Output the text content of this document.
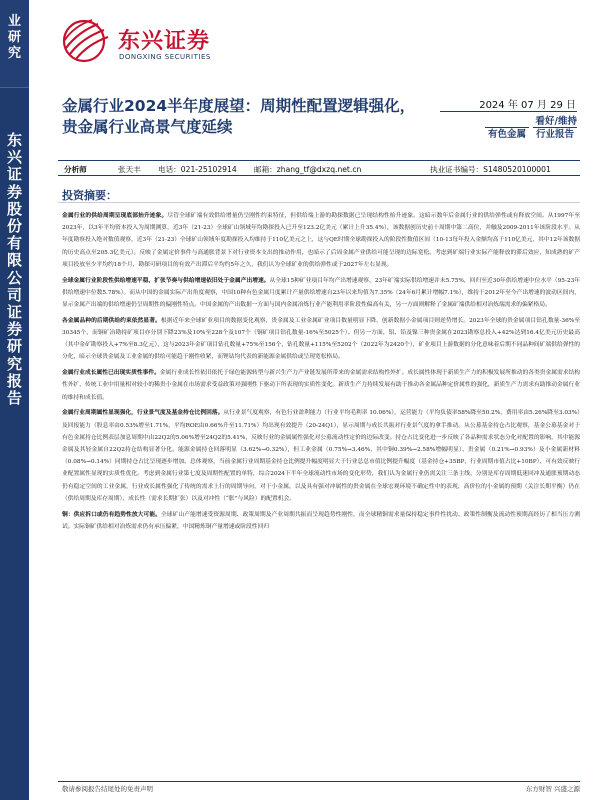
业
研
究
东
兴
证
券
股
份
有
限
公
司
证
券
研
究
报
告
东兴证券
DONGXING SECURITIES
金属行业2024半年度展望：周期性配置逻辑强化，贵金属行业高景气度延续
2024 年 07 月 29 日
看好/维持
有色金属	行业报告
分析师	张天丰 电话：021-25102914 邮箱：zhang_tf@dxzq.net.cn	执业证书编号：S1480520100001
投资摘要：
金属行业的供给周期呈现底部抬升迹象。尽管全球矿端有效供给增量仍呈刚性约束特征，但供给端上游的勘探数据已呈现结构性抬升迹象。这暗示数年后金属行业的供给弹性或有释放空间。从1997年至2023年，以3年平均资本投入为周期测算，近3年（21-23）全球矿山领域年均勘探投入已升至123.2亿美元（累计上升35.4%），该数据创历史前十周期中第二高位，并触及2009-2011年该阶段水平。从年度勘察投入绝对数值观察，近3年（21-23）全球矿山领域年度勘探投入均维持于110亿美元之上，这与QE时期全球勘探投入的阶段性数值区间（10-13每年投入金额均高于110亿美元，其中12年该数据的历史高点至205.3亿美元）。反映了金属定价事件与高通胀背景下对行业资本支出的推动作用，也暗示了后周金属产业供给可能呈现的边际宽松。考虑到矿端行业实际产能释放的滞后效应，知成熟的矿产项目投放至少平均约18个月，勘探可研项目的有效产出滞后平均约5年之久，我们认为全球矿业的供给弹性或于2027年左右显现。
全球金属行业阶段性供给增速平稳，扩张节奏与供给增速依旧处于金属产出增速。从全球15种矿业项目年均产出增速观察，23年矿端实际供给增速并未5.75%，回归至近30年供给增速中位水平（95-23年供给增速中位数5.78%）。而从中国的金属实际产出角度观察，中国10种有色金属月度累计产量供给增速自23年以来均值为7.35%（24年6月累计增幅7.1%），维持于2012年至今产出增速的波动区间内，显示金属产出端的供给增速仍呈周期性的偏刚性特点。中国金属的产出数据一方面与国内金属冶炼行业产能利用率阶段性偏高有关，另一方面则解释了金属矿端供给相对冶炼端需求的偏紧格局。
各金属品种的后期供给约束依然显著。根据近年来全球矿业项目的数据变化观察，贵金属及工业金属矿业项目数量明显下降，创新数据小金属项目则逆势增长。2023年全球的贵金属项目钻孔数量-36%至30345个，而铜矿冶勘持矿项目亦分别下降23%及10%至228个及107个（铜矿项目钻孔数量-16%至5025个）。但另一方面，铝、铅及镍三种贵金属在2023勘察总投入+42%达到16.4亿美元历史最高（其中金矿勘察投入+7%至8.3亿元），这与2023年金矿项目钻孔数量+75%至156个，钻孔数量+115%至5202个（2022年为2420个），矿业项目上游数据的分化意味着后期不同品种间矿端供给弹性的分化，暗示全球贵金属及工业金属的供给可能趋于刚性收紧，而锂钴均代表的新能源金属供给或呈现宽松格局。
金属行业成长属性已出现实质性事件。金属行业成长性依旧依托于绿色能源转型与新兴生产力产业链发展所带来的金属需求结构性外扩。成长属性体现于新质生产力的积极发展所推动的各类贵金属需求结构性外扩，传统工业中用量相对较小的稀贵小金属在市场需求受益政策对强刚性下驱动下所表现的实质性变化。新质生产力持续发展有助于推动各金属品种定价属性的强化，新质生产力需求有助推动金属行业的维持和成长值。
金属行业周期属性显现强化，行业景气度及基金持仓比例回落。从行业景气度观察，有色行业盈利能力（行业平均毛利率 10.06%），运营能力（平均负债率58%降至50.2%，费用率由5.26%降至3.03%）及回报能力（股息率由0.53%增至1.71%，平均ROE由0.66%升至11.71%）均出现有效提升（20-24Q1），显示周期与成长共振对行业景气度的拿手推动。从公募基金持仓占比观察，基金公募基金对于有色金属持仓比例表层加息周期中由22Q2的5.06%增至24Q2的5.41%，反映行业的金属属性强化对公募流动性定价的边际改变。持仓占比变化进一步反映了各品种需求状态分化对配置的影响，其中能源金属及其轻金属自22Q2持仓结构显著分化。能源金属持仓回落明显（3.62%→0.32%），但工业金属（0.75%→3.46%，其中铜0.39%→2.58%增幅明显）、贵金属（0.21%→0.93%）及小金属新材料（0.08%→0.14%）同期持仓占比呈现逐步增加。总体观察，当前金属行业周期基金持仓比例提升幅度明显大于行业总总市值比例提升幅度（基金持仓+35BP，行业周期市值占比+10BP），可有效反映行业配置属性显现的实质性优化。考虑到金属行业第七度及周期性配置的单特，综合2024下半年全球流动性市场的变化形势，我们认为金属行业仍需关注三条主线，分别是库存周期低迷回冲及通胀预期动态仍有稳定空间的工业金属，行业成长属性强化了传统的需求上行的周期导向，对于小金属，以及具有强对冲属性的贵金属在全球宏观环境不确定性中的表现，高价位的小金属的预期（关注长期平衡）仍在（供给周期及库存周期），成长性（需求长期扩张）以及对冲性（“胀”与风险）的配置机会。
铜：供应拆口或仍有趋势性放大可能。全球矿山产能增速受资源周期、政策周期及产业周期共振而呈现趋势性刚性，而全球精铜需求量保持稳定事件性扰动、政策性制衡及流动性预期高经历了相当压力测试。实际铜矿供给相对冶炼需求仍有承压偏紧，中国精炼铜产量增速或阶段性回归
敬请参阅报告结尾处的免责声明	东方财智 兴盛之源
